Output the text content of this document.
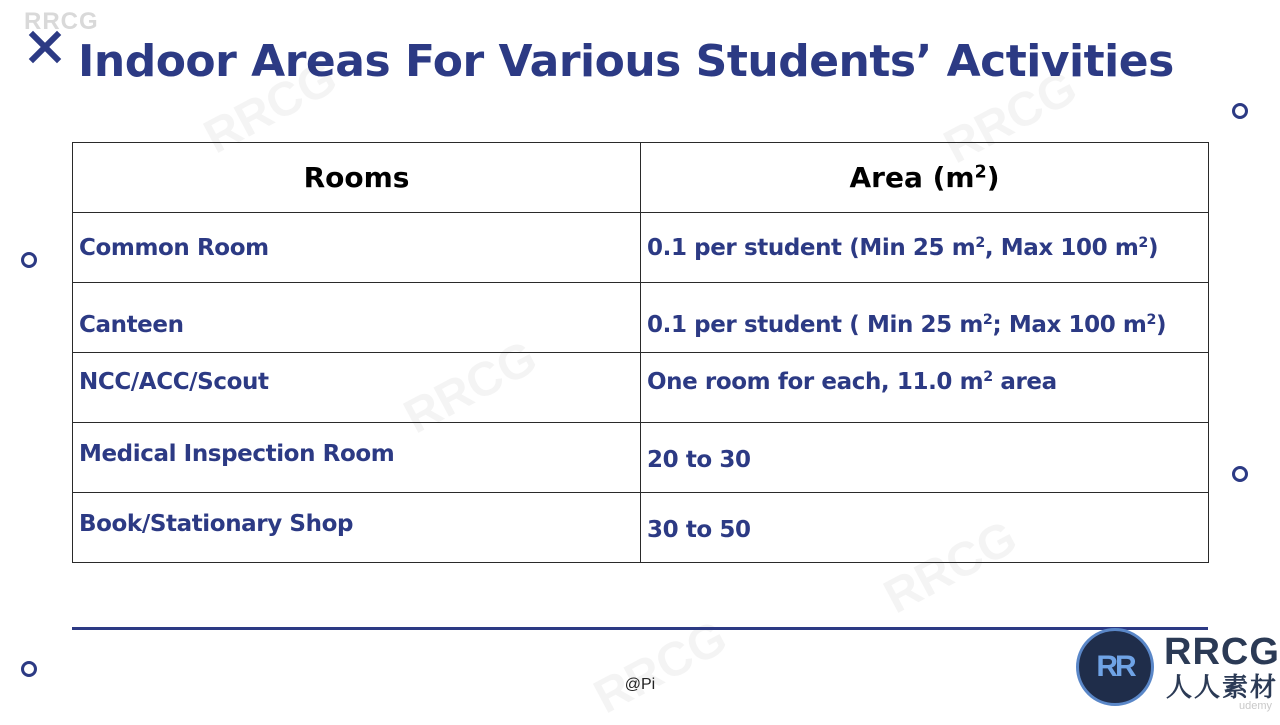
RRCG
Indoor Areas For Various Students’ Activities
Rooms	Area $(m^2)$
Common Room	0.1 per student (Min 25 $m^2$, Max 100 $m^2$)
Canteen	0.1 per student ( Min 25 $m^2$; Max 100 $m^2$)
NCC/ACC/Scout	One room for each, 11.0 $m^2$ area
Medical Inspection Room	20 to 30
Book/Stationary Shop	30 to 50
@Pi
RR RRCG
人人素材
udemy
